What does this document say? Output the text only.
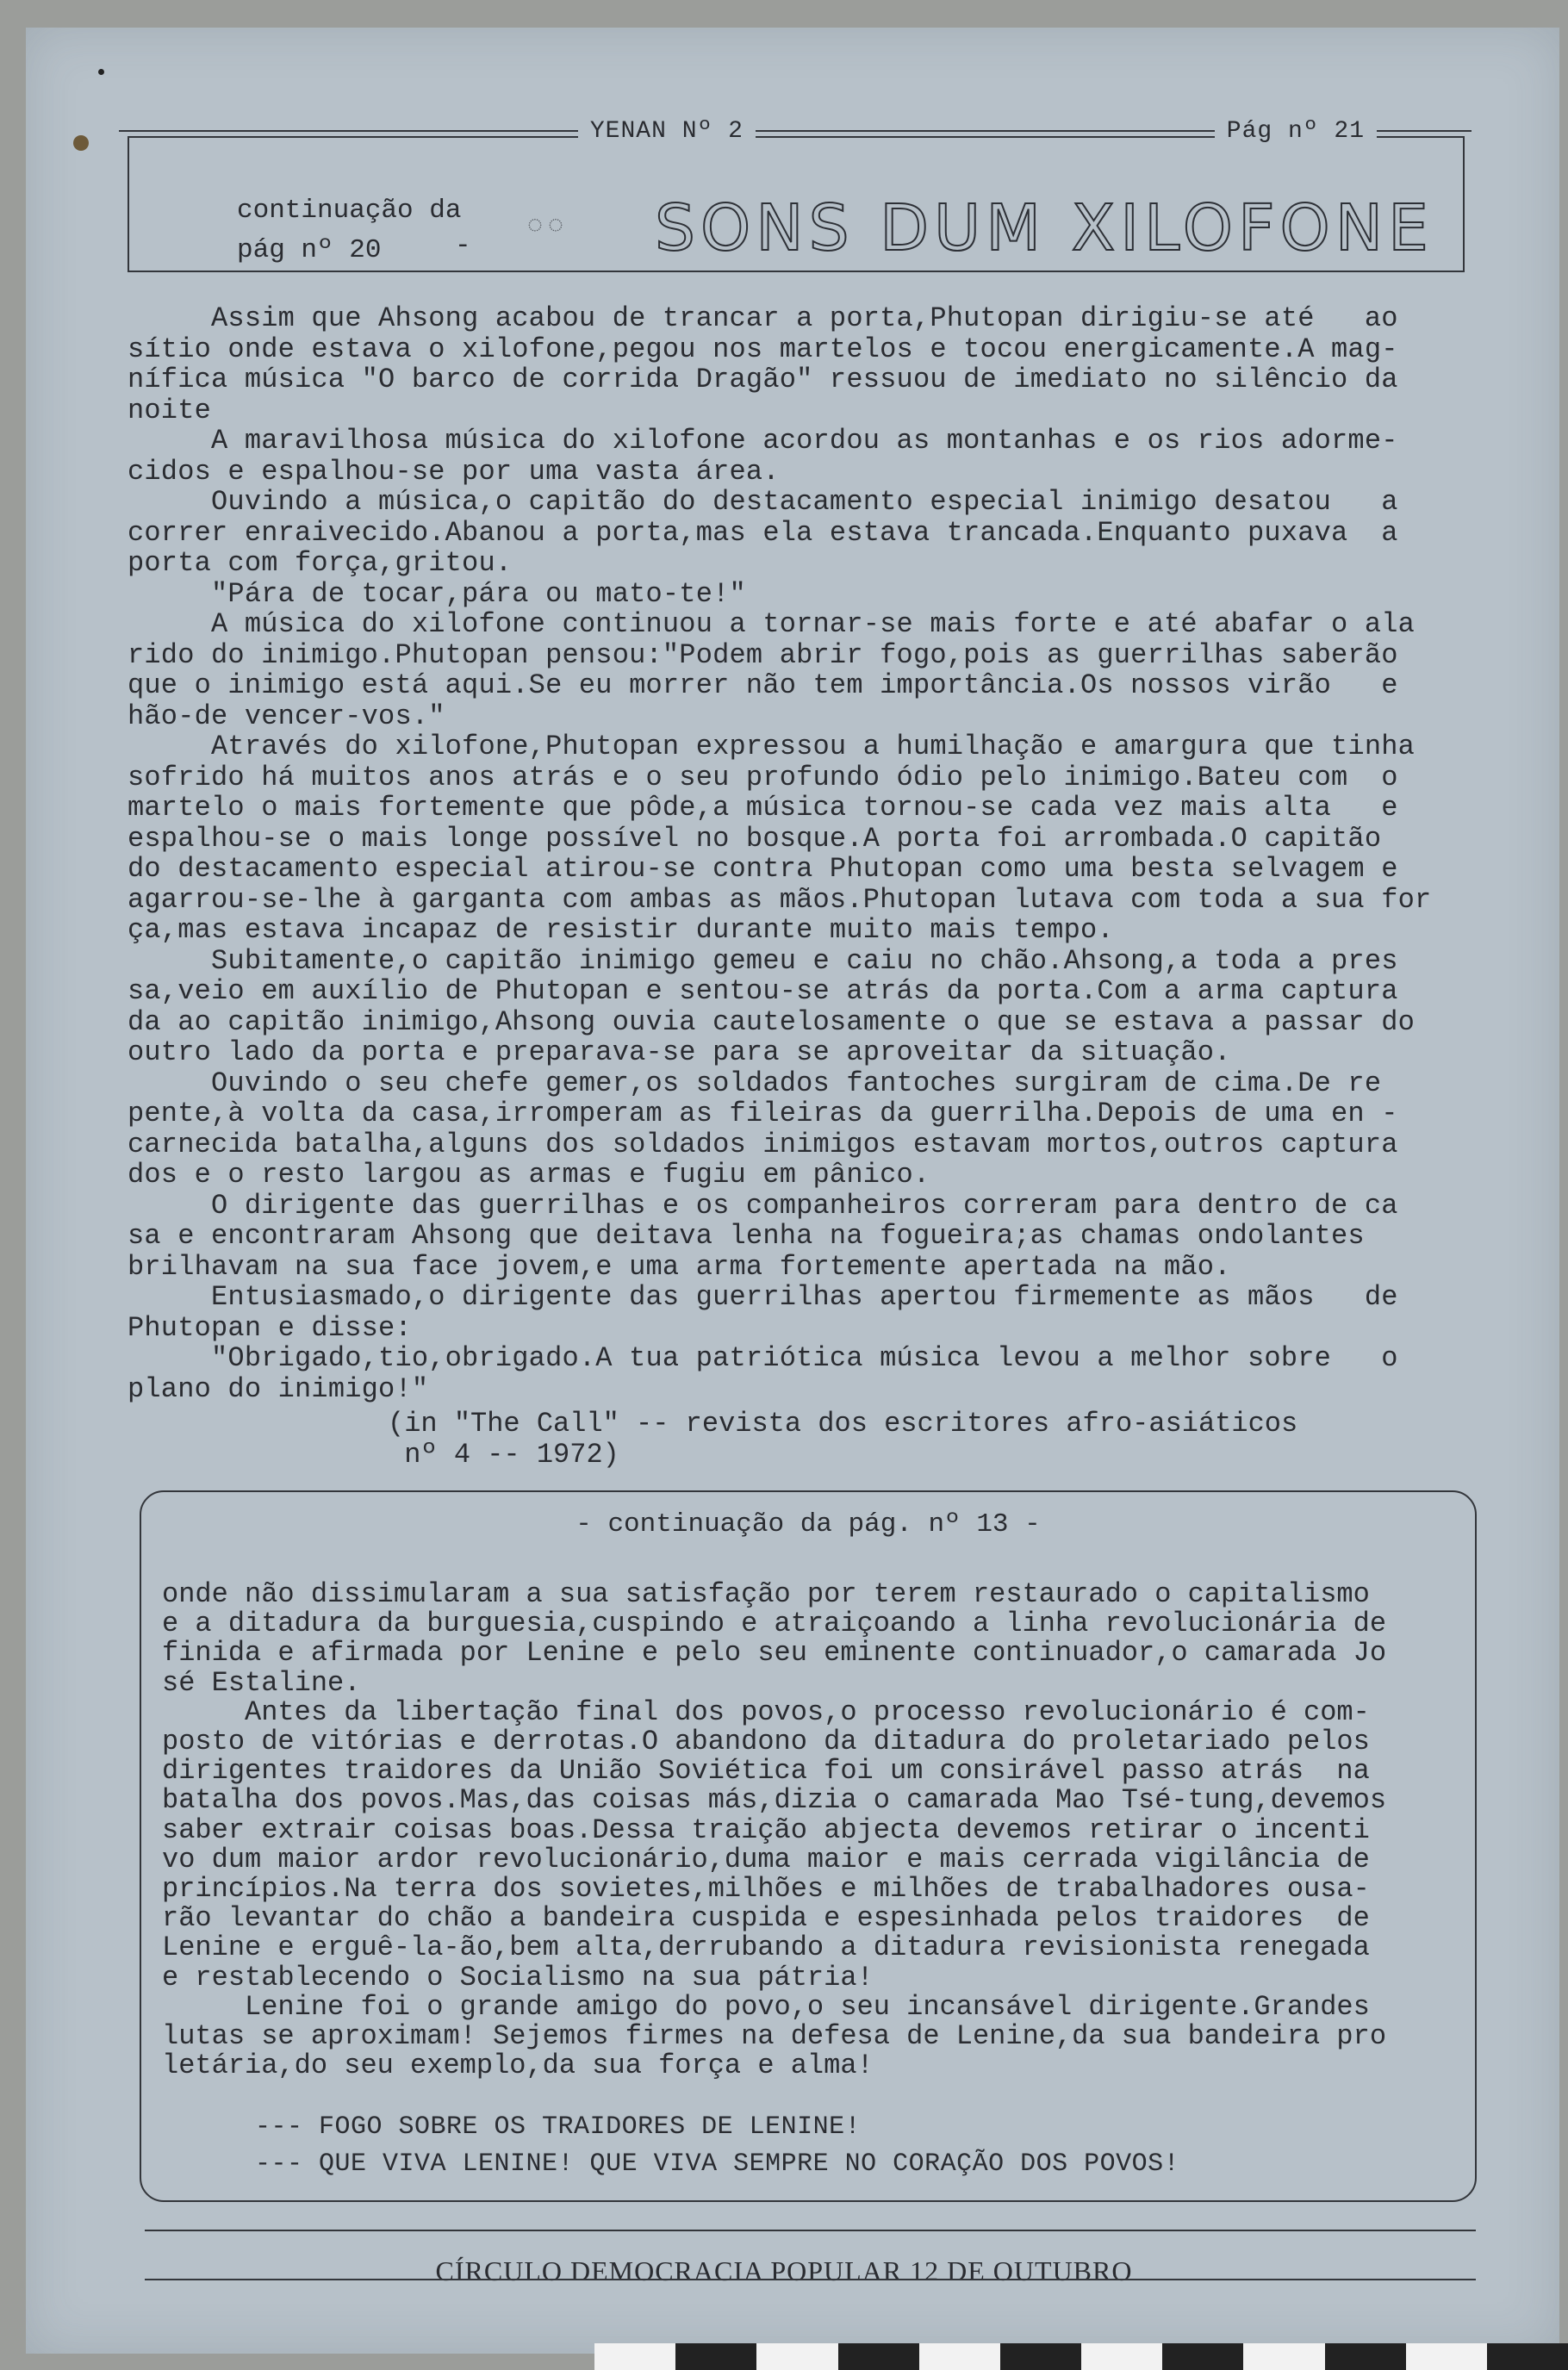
YENAN Nº 2	Pág nº 21
continuação da
pág nº 20	-
◌◌ SONS DUM XILOFONE
Assim que Ahsong acabou de trancar a porta,Phutopan dirigiu-se até   ao
sítio onde estava o xilofone,pegou nos martelos e tocou energicamente.A mag-
nífica música "O barco de corrida Dragão" ressuou de imediato no silêncio da
noite
A maravilhosa música do xilofone acordou as montanhas e os rios adorme-
cidos e espalhou-se por uma vasta área.
Ouvindo a música,o capitão do destacamento especial inimigo desatou   a
correr enraivecido.Abanou a porta,mas ela estava trancada.Enquanto puxava  a
porta com força,gritou.
"Pára de tocar,pára ou mato-te!"
A música do xilofone continuou a tornar-se mais forte e até abafar o ala
rido do inimigo.Phutopan pensou:"Podem abrir fogo,pois as guerrilhas saberão
que o inimigo está aqui.Se eu morrer não tem importância.Os nossos virão   e
hão-de vencer-vos."
Através do xilofone,Phutopan expressou a humilhação e amargura que tinha
sofrido há muitos anos atrás e o seu profundo ódio pelo inimigo.Bateu com  o
martelo o mais fortemente que pôde,a música tornou-se cada vez mais alta   e
espalhou-se o mais longe possível no bosque.A porta foi arrombada.O capitão
do destacamento especial atirou-se contra Phutopan como uma besta selvagem e
agarrou-se-lhe à garganta com ambas as mãos.Phutopan lutava com toda a sua for
ça,mas estava incapaz de resistir durante muito mais tempo.
Subitamente,o capitão inimigo gemeu e caiu no chão.Ahsong,a toda a pres
sa,veio em auxílio de Phutopan e sentou-se atrás da porta.Com a arma captura
da ao capitão inimigo,Ahsong ouvia cautelosamente o que se estava a passar do
outro lado da porta e preparava-se para se aproveitar da situação.
Ouvindo o seu chefe gemer,os soldados fantoches surgiram de cima.De re
pente,à volta da casa,irromperam as fileiras da guerrilha.Depois de uma en -
carnecida batalha,alguns dos soldados inimigos estavam mortos,outros captura
dos e o resto largou as armas e fugiu em pânico.
O dirigente das guerrilhas e os companheiros correram para dentro de ca
sa e encontraram Ahsong que deitava lenha na fogueira;as chamas ondolantes
brilhavam na sua face jovem,e uma arma fortemente apertada na mão.
Entusiasmado,o dirigente das guerrilhas apertou firmemente as mãos   de
Phutopan e disse:
"Obrigado,tio,obrigado.A tua patriótica música levou a melhor sobre   o
plano do inimigo!"
(in "The Call" -- revista dos escritores afro-asiáticos
nº 4 -- 1972)
- continuação da pág. nº 13 -
onde não dissimularam a sua satisfação por terem restaurado o capitalismo
e a ditadura da burguesia,cuspindo e atraiçoando a linha revolucionária de
finida e afirmada por Lenine e pelo seu eminente continuador,o camarada Jo
sé Estaline.
Antes da libertação final dos povos,o processo revolucionário é com-
posto de vitórias e derrotas.O abandono da ditadura do proletariado pelos
dirigentes traidores da União Soviética foi um consirável passo atrás  na
batalha dos povos.Mas,das coisas más,dizia o camarada Mao Tsé-tung,devemos
saber extrair coisas boas.Dessa traição abjecta devemos retirar o incenti
vo dum maior ardor revolucionário,duma maior e mais cerrada vigilância de
princípios.Na terra dos sovietes,milhões e milhões de trabalhadores ousa-
rão levantar do chão a bandeira cuspida e espesinhada pelos traidores  de
Lenine e erguê-la-ão,bem alta,derrubando a ditadura revisionista renegada
e restablecendo o Socialismo na sua pátria!
Lenine foi o grande amigo do povo,o seu incansável dirigente.Grandes
lutas se aproximam! Sejemos firmes na defesa de Lenine,da sua bandeira pro
letária,do seu exemplo,da sua força e alma!
--- FOGO SOBRE OS TRAIDORES DE LENINE!
--- QUE VIVA LENINE! QUE VIVA SEMPRE NO CORAÇÃO DOS POVOS!
CÍRCULO DEMOCRACIA POPULAR 12 DE OUTUBRO
